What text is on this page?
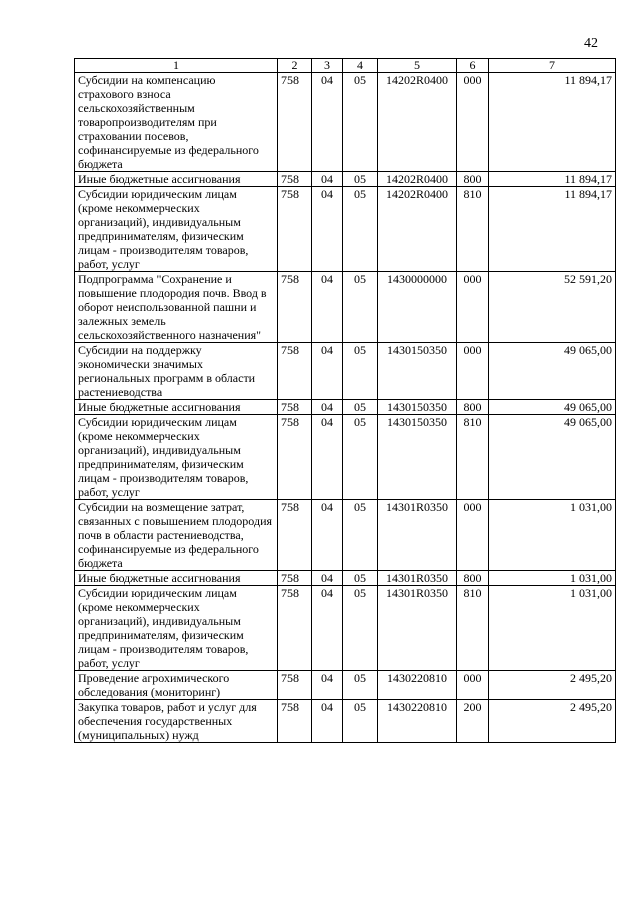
42
1	2	3	4	5	6	7
Субсидии на компенсацию страхового взноса сельскохозяйственным товаропроизводителям при страховании посевов, софинансируемые из федерального бюджета	758	04	05	14202R0400	000	11 894,17
Иные бюджетные ассигнования	758	04	05	14202R0400	800	11 894,17
Субсидии юридическим лицам (кроме некоммерческих организаций), индивидуальным предпринимателям, физическим лицам - производителям товаров, работ, услуг	758	04	05	14202R0400	810	11 894,17
Подпрограмма "Сохранение и повышение плодородия почв. Ввод в оборот неиспользованной пашни и залежных земель сельскохозяйственного назначения"	758	04	05	1430000000	000	52 591,20
Субсидии на поддержку экономически значимых региональных программ в области растениеводства	758	04	05	1430150350	000	49 065,00
Иные бюджетные ассигнования	758	04	05	1430150350	800	49 065,00
Субсидии юридическим лицам (кроме некоммерческих организаций), индивидуальным предпринимателям, физическим лицам - производителям товаров, работ, услуг	758	04	05	1430150350	810	49 065,00
Субсидии на возмещение затрат, связанных с повышением плодородия почв в области растениеводства, софинансируемые из федерального бюджета	758	04	05	14301R0350	000	1 031,00
Иные бюджетные ассигнования	758	04	05	14301R0350	800	1 031,00
Субсидии юридическим лицам (кроме некоммерческих организаций), индивидуальным предпринимателям, физическим лицам - производителям товаров, работ, услуг	758	04	05	14301R0350	810	1 031,00
Проведение агрохимического обследования (мониторинг)	758	04	05	1430220810	000	2 495,20
Закупка товаров, работ и услуг для обеспечения государственных (муниципальных) нужд	758	04	05	1430220810	200	2 495,20
